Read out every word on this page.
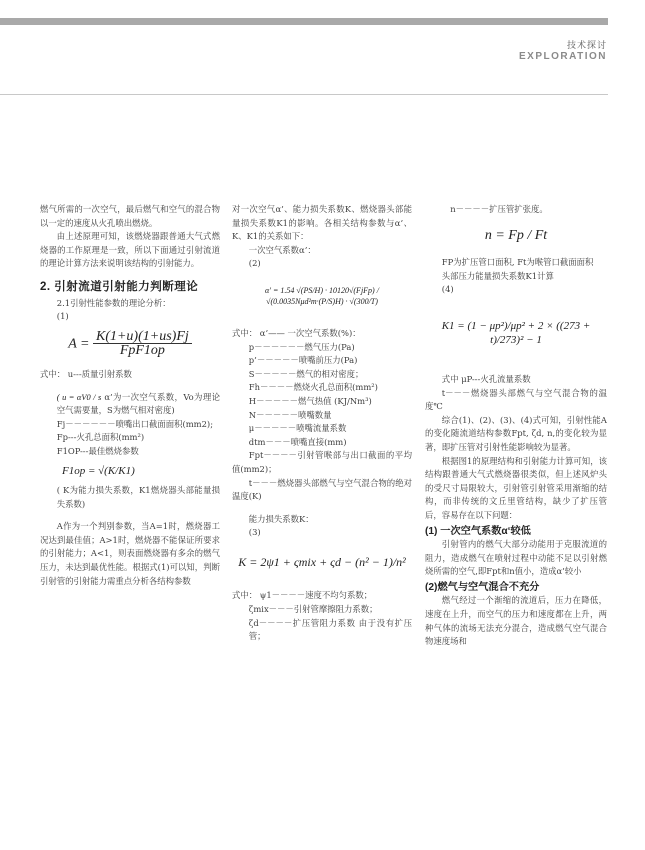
技术探讨
EXPLORATION

燃气所需的一次空气，最后燃气和空气的混合物以一定的速度从火孔喷出燃烧。

由上述原理可知，该燃烧器跟普通大气式燃烧器的工作原理是一致，所以下面通过引射流道的理论计算方法来说明该结构的引射能力。

2. 引射流道引射能力判断理论

2.1引射性能参数的理论分析：

(1)

$A = \frac{K(1+u)(1+us)Fj}{\text{FpF1op}}$

式中： u---质量引射系数

( u = αV0 / s α’为一次空气系数，Vo为理论空气需要量，S为燃气相对密度)

Fj－－－－－－喷嘴出口截面面积(mm2);

Fp---火孔总面积(mm²)

F1OP---最佳燃烧参数

F1op = √(K/K1)

( K为能力损失系数，K1燃烧器头部能量损失系数)

A作为一个判别参数，当A=1时，燃烧器工况达到最佳值；A>1时，燃烧器不能保证所要求的引射能力；A<1，则表面燃烧器有多余的燃气压力，未达到最优性能。根据式(1)可以知，判断引射管的引射能力需重点分析各结构参数

对一次空气α’、能力损失系数K、燃烧器头部能量损失系数K1的影响。各相关结构参数与α’、K、K1的关系如下：

一次空气系数α’：

(2)

α′ = 1.54 √(PS/H) · 10120√(FjFp) / √(0.0035Nμd²m·(P/S)H) · √(300/T)

式中： α’—— 一次空气系数(%)：

p－－－－－－燃气压力(Pa)

p’－－－－－喷嘴前压力(Pa)

S－－－－－燃气的相对密度；

Fh－－－－燃烧火孔总面积(mm²)

H－－－－－燃气热值 (KJ/Nm³)

N－－－－－喷嘴数量

μ－－－－－喷嘴流量系数

dtm－－－喷嘴直接(mm)

Fpt－－－－引射管喉部与出口截面的平均值(mm2)；

t－－－燃烧器头部燃气与空气混合物的绝对温度(K)

能力损失系数K：

(3)

K = 2ψ1 + ςmix + ςd − (n² − 1)/n²

式中： ψ1－－－－速度不均匀系数；

ζmix－－－引射管摩擦阻力系数；

ζd－－－－扩压管阻力系数 由于没有扩压管；

n－－－－扩压管扩张度。

n = Fp / Ft

FP为扩压管口面积, Ft为喉管口截面面积

头部压力能量损失系数K1计算

(4)

K1 = (1 − μp²)/μp² + 2 × ((273 + t)/273)² − 1

式中 μP---火孔流量系数

t－－－燃烧器头部燃气与空气混合物的温度℃

综合(1)、(2)、(3)、(4)式可知，引射性能A的变化随流道结构参数Fpt, ζd, n,的变化较为显著，即扩压管对引射性能影响较为显著。

根据图1的原理结构和引射能力计算可知，该结构跟普通大气式燃烧器很类似，但上述风炉头的受尺寸局限较大，引射管引射管采用渐缩的结构，而非传统的文丘里管结构，缺少了扩压管后，容易存在以下问题：

(1) 一次空气系数α‘较低

引射管内的燃气大部分动能用于克服流道的阻力，造成燃气在喷射过程中动能不足以引射燃烧所需的空气,即Fpt和n值小，造成α’较小

(2)燃气与空气混合不充分

燃气经过一个渐缩的流道后，压力在降低，速度在上升，而空气的压力和速度都在上升，两种气体的流场无法充分混合，造成燃气空气混合物速度场和
